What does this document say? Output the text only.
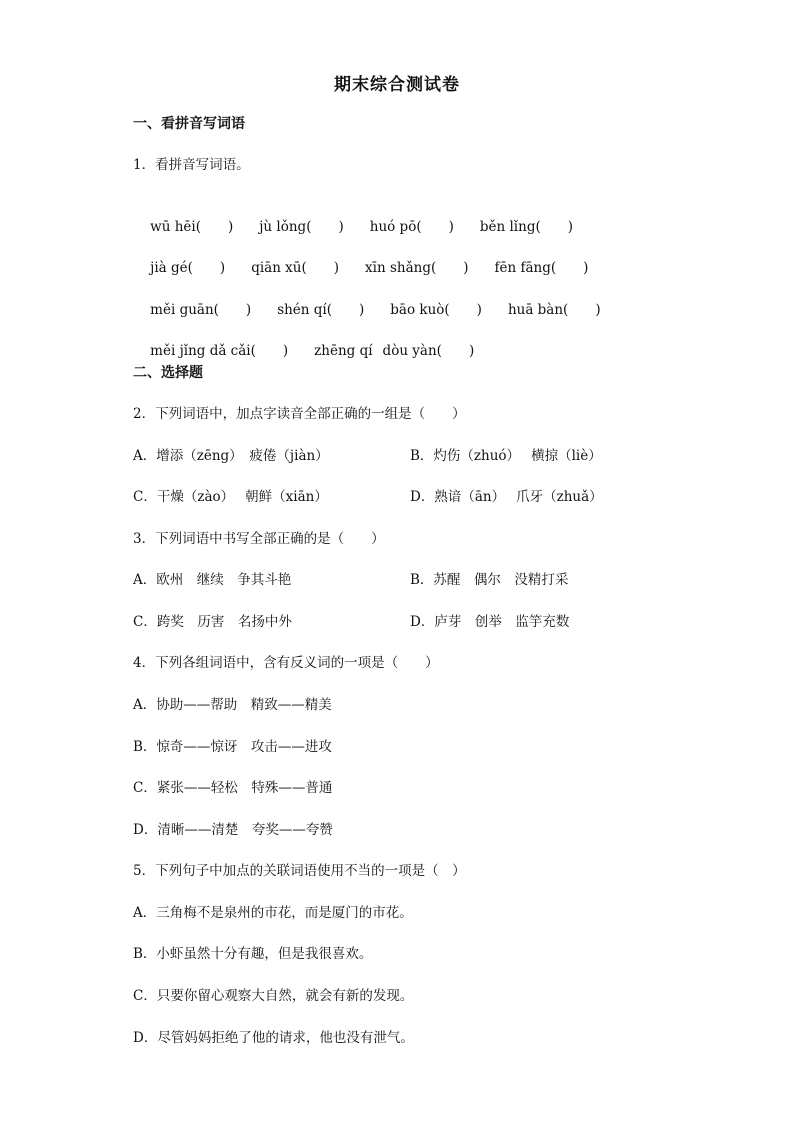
期末综合测试卷
一、看拼音写词语
1．看拼音写词语。

wū hēi(　　) jù lǒng(　　) huó pō(　　) běn lǐng(　　)

jià gé(　　) qiān xū(　　) xīn shǎng(　　) fēn fāng(　　)

měi guān(　　) shén qí(　　) bāo kuò(　　) huā bàn(　　)

měi jǐng dǎ cǎi(　　) zhēng qí dòu yàn(　　)

二、选择题
2．下列词语中，加点字读音全部正确的一组是（　　）
A．增添（zēng）　疲倦（jiàn）	B．灼伤（zhuó）　 横掠（liè）
C．干燥（zào）　 朝鲜（xiān）	D．熟谙（ān）　 爪牙（zhuǎ）
3．下列词语中书写全部正确的是（　　）
A．欧州　继续　争其斗艳	B．苏醒　偶尔　没精打采
C．跨奖　历害　名扬中外	D．庐芽　创举　监竽充数
4．下列各组词语中，含有反义词的一项是（　　）
A．协助——帮助　精致——精美
B．惊奇——惊讶　攻击——进攻
C．紧张——轻松　特殊——普通
D．清晰——清楚　夸奖——夸赞
5．下列句子中加点的关联词语使用不当的一项是（　）
A．三角梅不是泉州的市花，而是厦门的市花。
B．小虾虽然十分有趣，但是我很喜欢。
C．只要你留心观察大自然，就会有新的发现。
D．尽管妈妈拒绝了他的请求，他也没有泄气。
